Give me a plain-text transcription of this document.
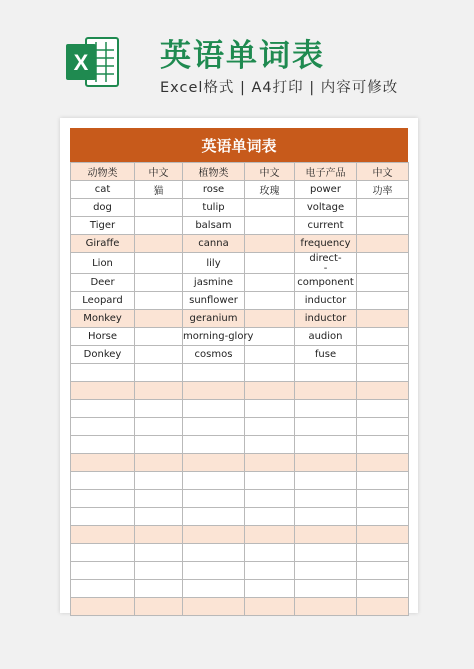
X 英语单词表
Excel格式 | A4打印 | 内容可修改
英语单词表
动物类	中文	植物类	中文	电子产品	中文
cat	猫	rose	玫瑰	power	功率
dog		tulip		voltage	
Tiger		balsam		current	
Giraffe		canna		frequency	
Lion		lily		direct-
-	

Deer		jasmine		component	
Leopard		sunflower		inductor	
Monkey		geranium		inductor	
Horse		morning-glory		audion	
Donkey		cosmos		fuse	
